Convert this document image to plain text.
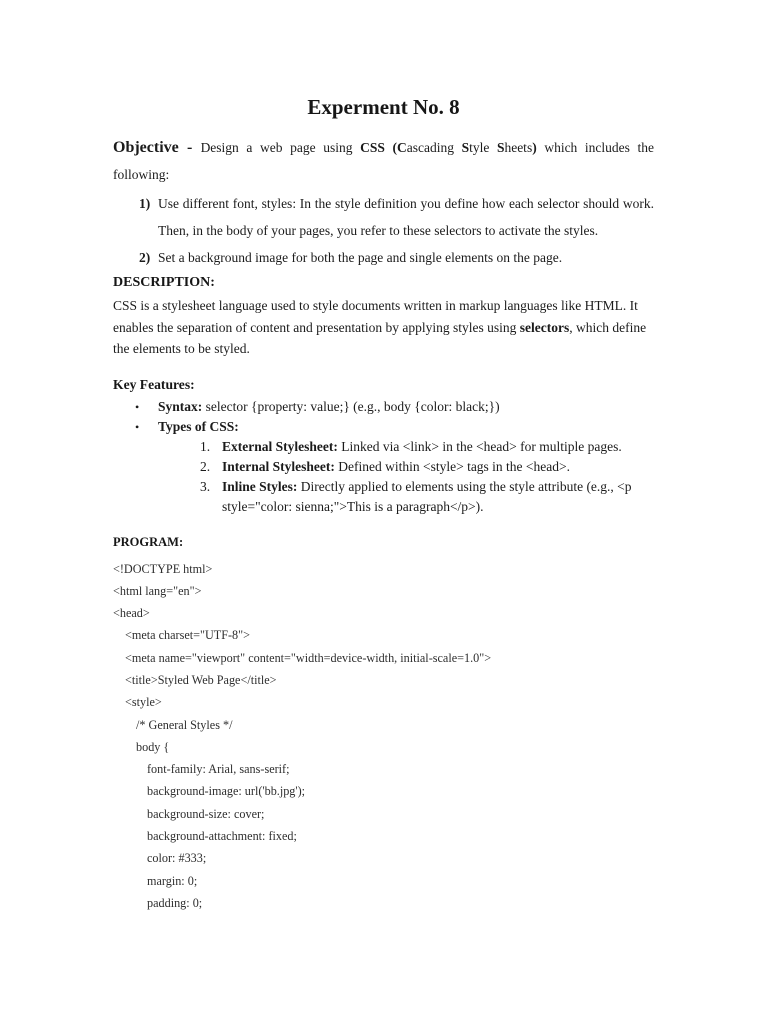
Experment No. 8

Objective - Design a web page using CSS (Cascading Style Sheets) which includes the following:

1) Use different font, styles: In the style definition you define how each selector should work. Then, in the body of your pages, you refer to these selectors to activate the styles.
2) Set a background image for both the page and single elements on the page.
DESCRIPTION:

CSS is a stylesheet language used to style documents written in markup languages like HTML. It enables the separation of content and presentation by applying styles using selectors, which define the elements to be styled.

Key Features:
•	Syntax: selector {property: value;} (e.g., body {color: black;})
•	Types of CSS:
1. External Stylesheet: Linked via <link> in the <head> for multiple pages.
2. Internal Stylesheet: Defined within <style> tags in the <head>.
3. Inline Styles: Directly applied to elements using the style attribute (e.g., <p style="color: sienna;">This is a paragraph</p>).
PROGRAM:
<!DOCTYPE html>
<html lang="en">
<head>
<meta charset="UTF-8">
<meta name="viewport" content="width=device-width, initial-scale=1.0">
<title>Styled Web Page</title>
<style>
/* General Styles */
body {
font-family: Arial, sans-serif;
background-image: url('bb.jpg');
background-size: cover;
background-attachment: fixed;
color: #333;
margin: 0;
padding: 0;
